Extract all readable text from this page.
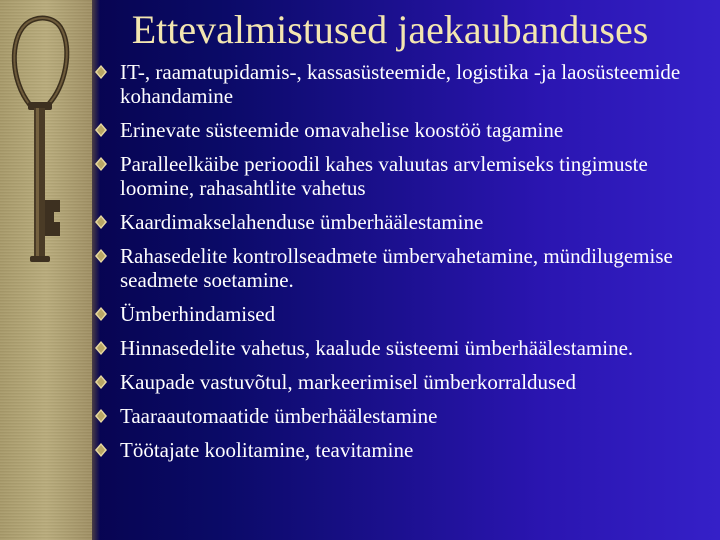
Ettevalmistused jaekaubanduses
IT-, raamatupidamis-, kassasüsteemide, logistika -ja laosüsteemide kohandamine
Erinevate süsteemide omavahelise koostöö tagamine
Paralleelkäibe perioodil kahes valuutas arvlemiseks tingimuste loomine, rahasahtlite vahetus
Kaardimakselahenduse ümberhäälestamine
Rahasedelite kontrollseadmete ümbervahetamine, mündilugemise seadmete soetamine.
Ümberhindamised
Hinnasedelite vahetus, kaalude süsteemi ümberhäälestamine.
Kaupade vastuvõtul, markeerimisel ümberkorraldused
Taaraautomaatide ümberhäälestamine
Töötajate koolitamine, teavitamine
